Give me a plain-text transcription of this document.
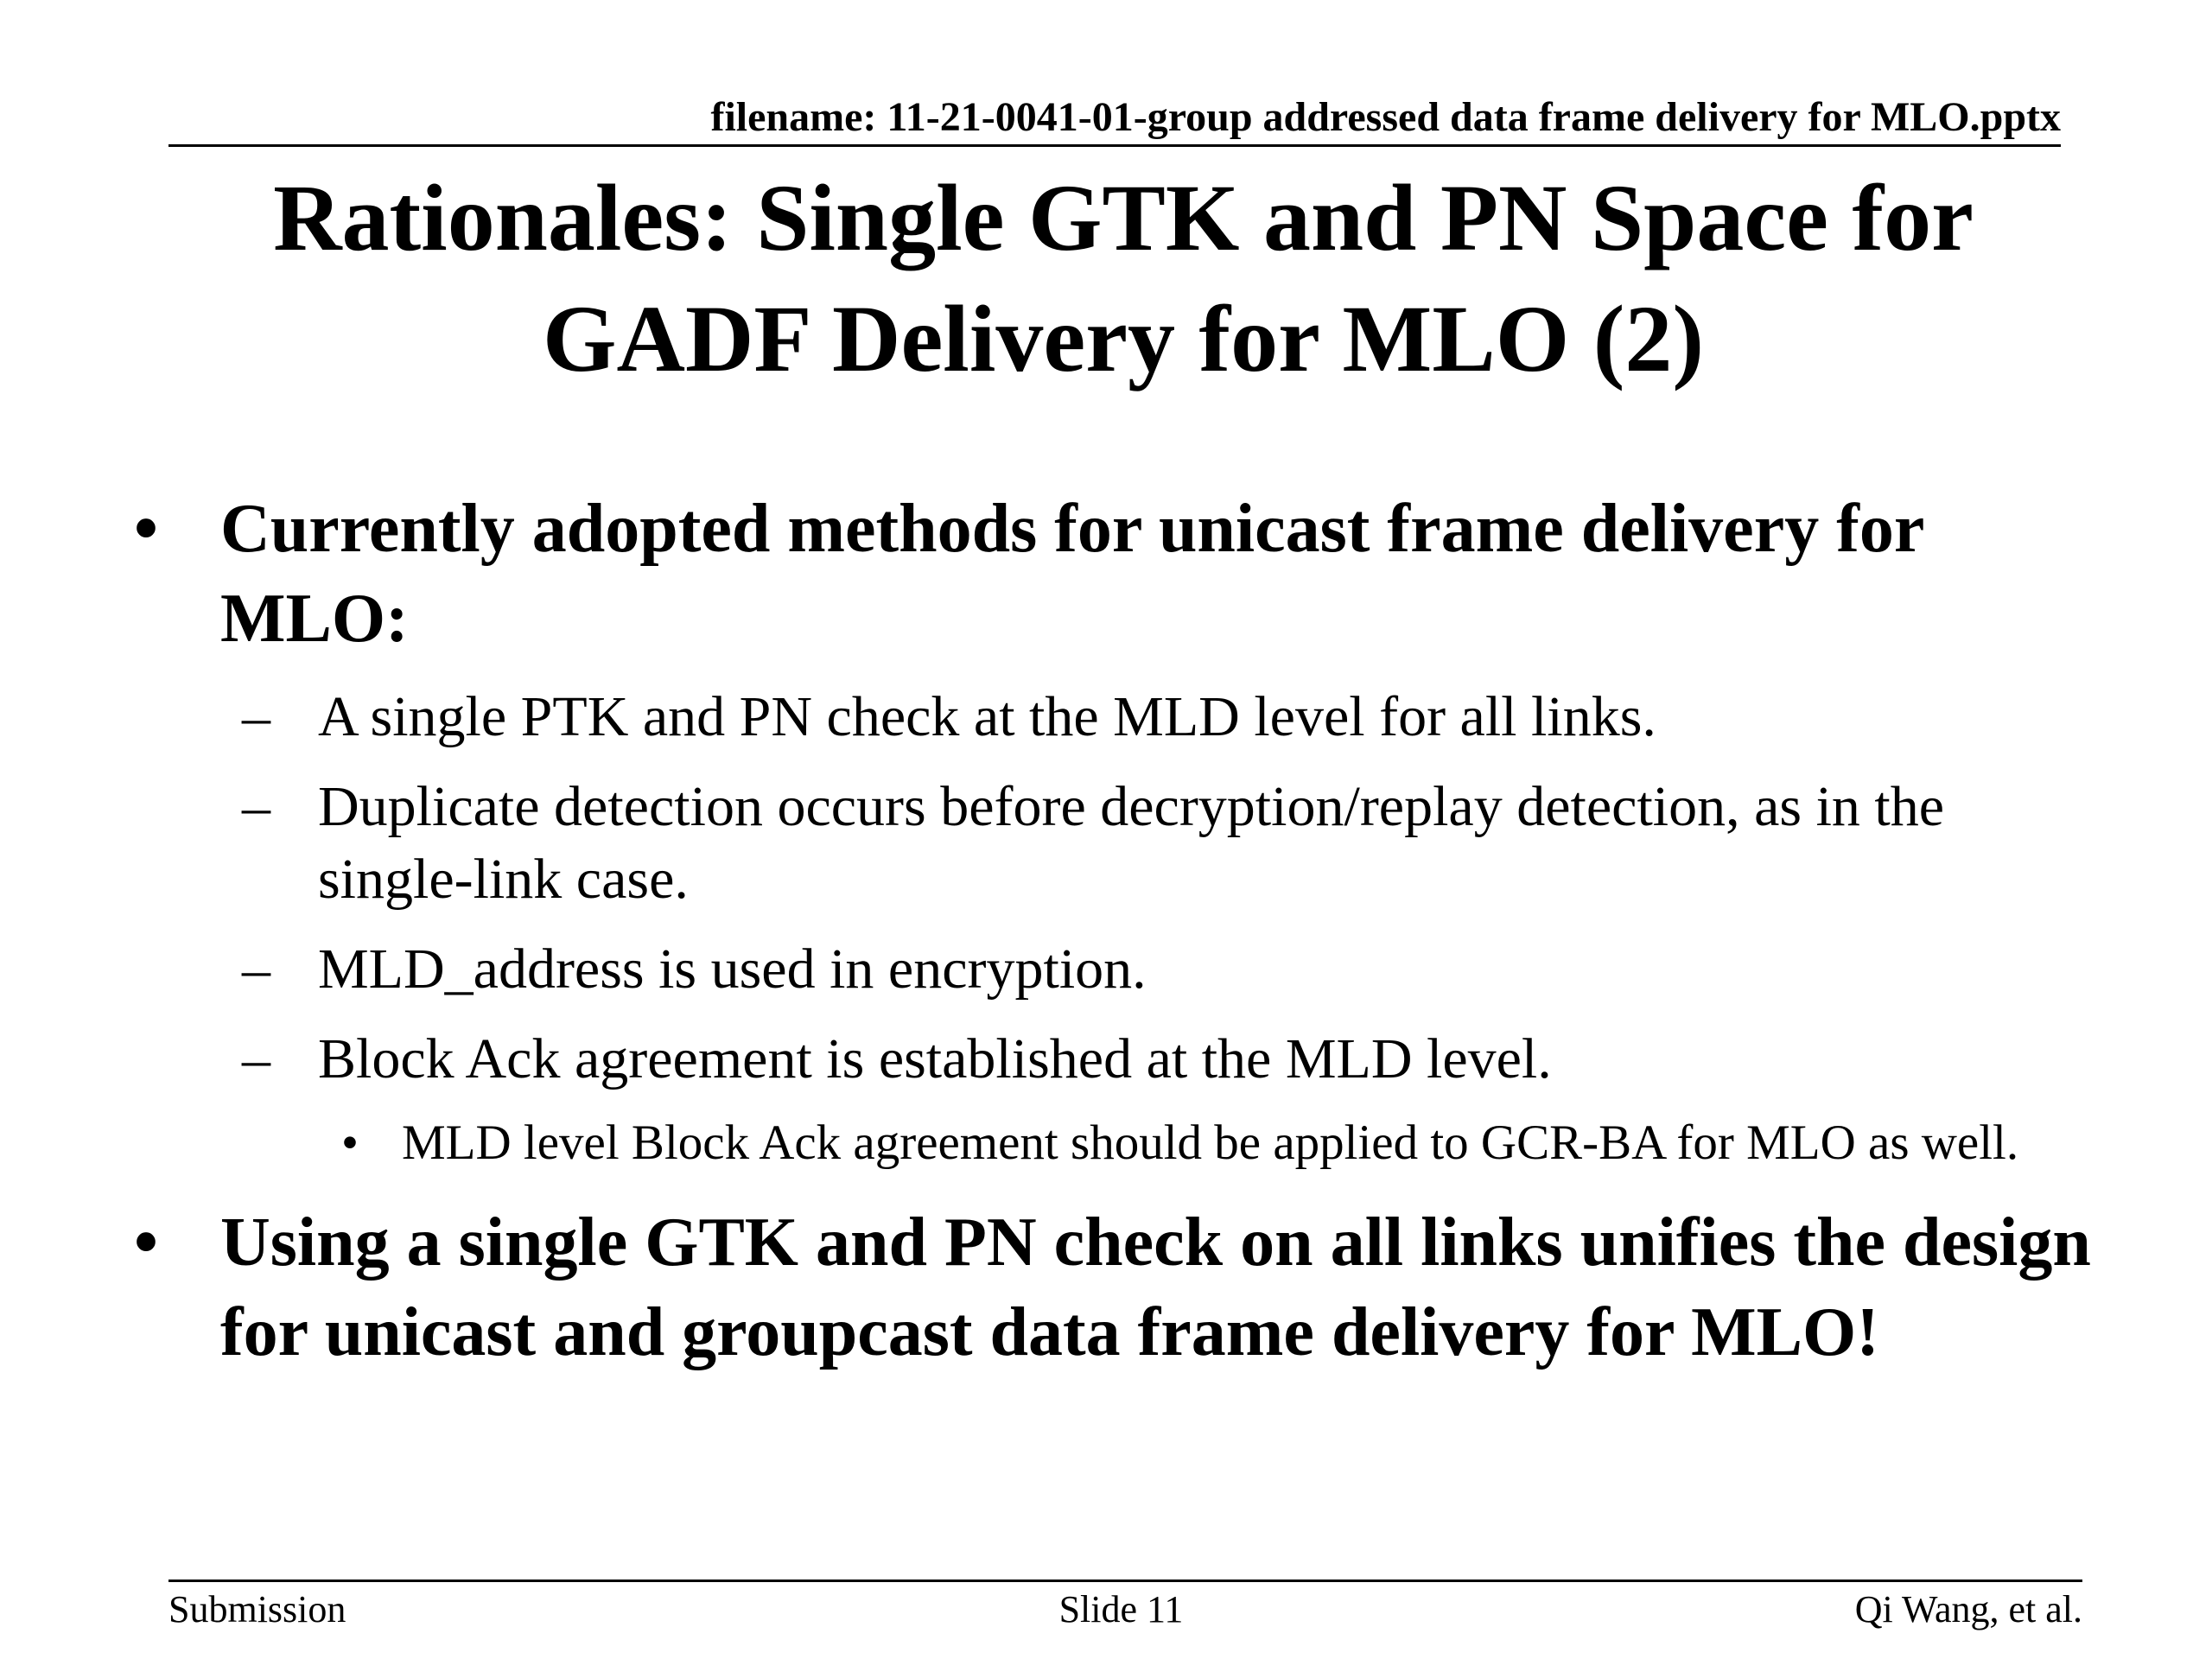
filename: 11-21-0041-01-group addressed data frame delivery for MLO.pptx
Rationales: Single GTK and PN Space for
GADF Delivery for MLO (2)
• Currently adopted methods for unicast frame delivery for MLO:
– A single PTK and PN check at the MLD level for all links.
– Duplicate detection occurs before decryption/replay detection, as in the single-link case.
– MLD_address is used in encryption.
– Block Ack agreement is established at the MLD level.
• MLD level Block Ack agreement should be applied to GCR-BA for MLO as well.
• Using a single GTK and PN check on all links unifies the design for unicast and groupcast data frame delivery for MLO!
Submission	Slide 11	Qi Wang, et al.
